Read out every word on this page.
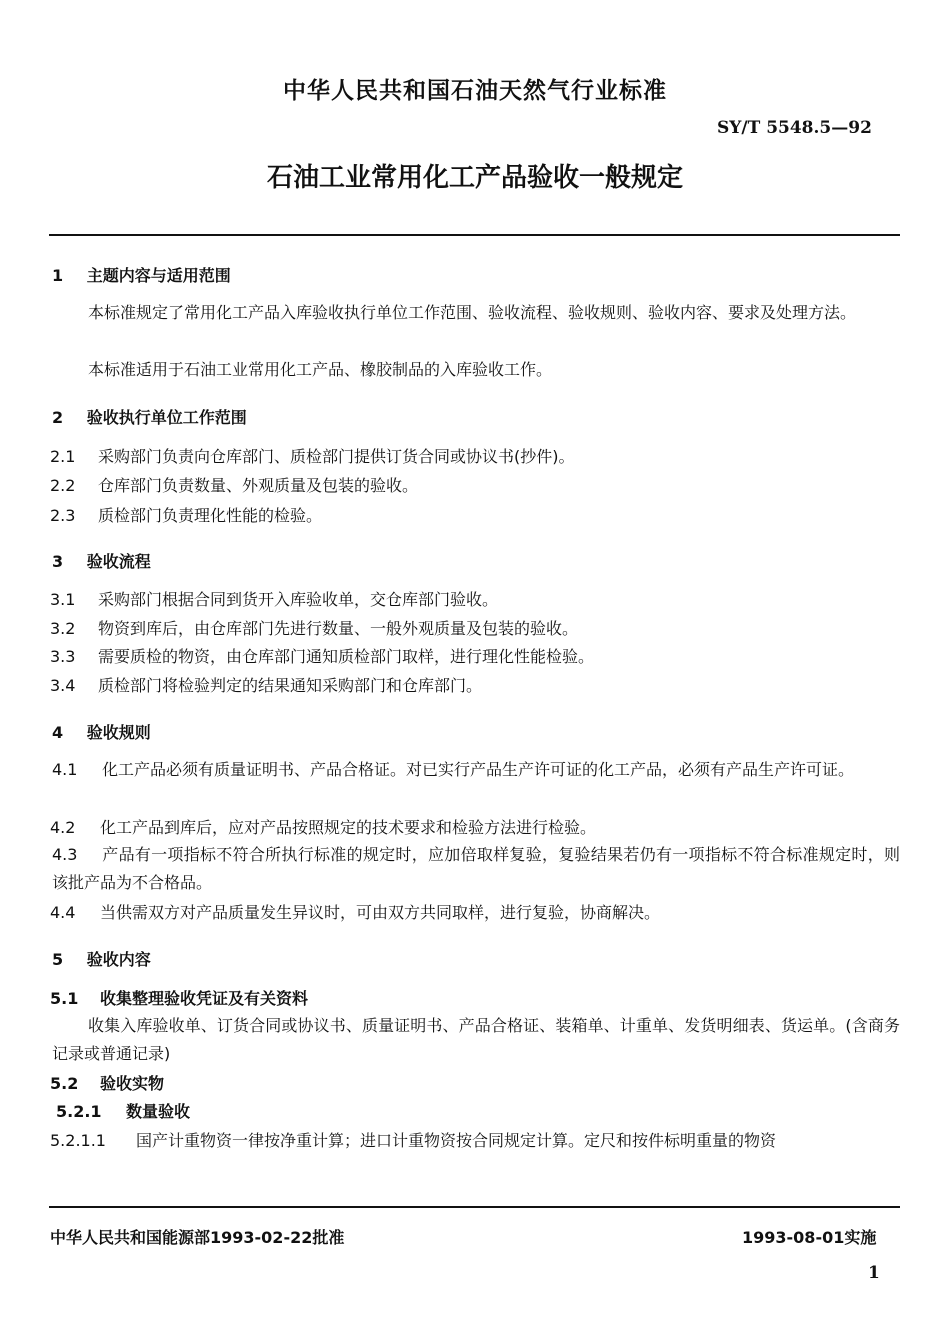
中华人民共和国石油天然气行业标准
SY/T 5548.5—92
石油工业常用化工产品验收一般规定
1 主题内容与适用范围
本标准规定了常用化工产品入库验收执行单位工作范围、验收流程、验收规则、验收内容、要求及处理方法。
本标准适用于石油工业常用化工产品、橡胶制品的入库验收工作。
2 验收执行单位工作范围
2.1 采购部门负责向仓库部门、质检部门提供订货合同或协议书(抄件)。
2.2 仓库部门负责数量、外观质量及包装的验收。
2.3 质检部门负责理化性能的检验。
3 验收流程
3.1 采购部门根据合同到货开入库验收单，交仓库部门验收。
3.2 物资到库后，由仓库部门先进行数量、一般外观质量及包装的验收。
3.3 需要质检的物资，由仓库部门通知质检部门取样，进行理化性能检验。
3.4 质检部门将检验判定的结果通知采购部门和仓库部门。
4 验收规则
4.1 化工产品必须有质量证明书、产品合格证。对已实行产品生产许可证的化工产品，必须有产品生产许可证。
4.2 化工产品到库后，应对产品按照规定的技术要求和检验方法进行检验。
4.3 产品有一项指标不符合所执行标准的规定时，应加倍取样复验，复验结果若仍有一项指标不符合标准规定时，则该批产品为不合格品。
4.4 当供需双方对产品质量发生异议时，可由双方共同取样，进行复验，协商解决。
5 验收内容
5.1 收集整理验收凭证及有关资料
收集入库验收单、订货合同或协议书、质量证明书、产品合格证、装箱单、计重单、发货明细表、货运单。(含商务记录或普通记录)
5.2 验收实物
5.2.1 数量验收
5.2.1.1 国产计重物资一律按净重计算；进口计重物资按合同规定计算。定尺和按件标明重量的物资
中华人民共和国能源部1993-02-22批准	1993-08-01实施
1
